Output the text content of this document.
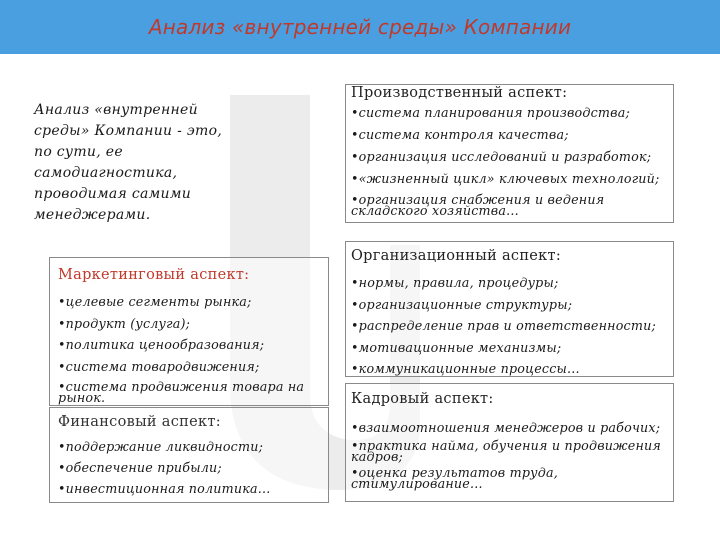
Анализ «внутренней среды» Компании
Анализ «внутренней среды» Компании - это, по сути, ее самодиагностика, проводимая самими менеджерами.
Маркетинговый аспект:
•целевые сегменты рынка;
•продукт (услуга);
•политика ценообразования;
•система товародвижения;
•система продвижения товара на рынок.
Финансовый аспект:
•поддержание ликвидности;
•обеспечение прибыли;
•инвестиционная политика...
Производственный аспект:
•система планирования производства;
•система контроля качества;
•организация исследований и разработок;
•«жизненный цикл» ключевых технологий;
•организация снабжения и ведения складского хозяйства...
Организационный аспект:
•нормы, правила, процедуры;
•организационные структуры;
•распределение прав и ответственности;
•мотивационные механизмы;
•коммуникационные процессы...
Кадровый аспект:
•взаимоотношения менеджеров и рабочих;
•практика найма, обучения и продвижения кадров;
•оценка результатов труда, стимулирование...
